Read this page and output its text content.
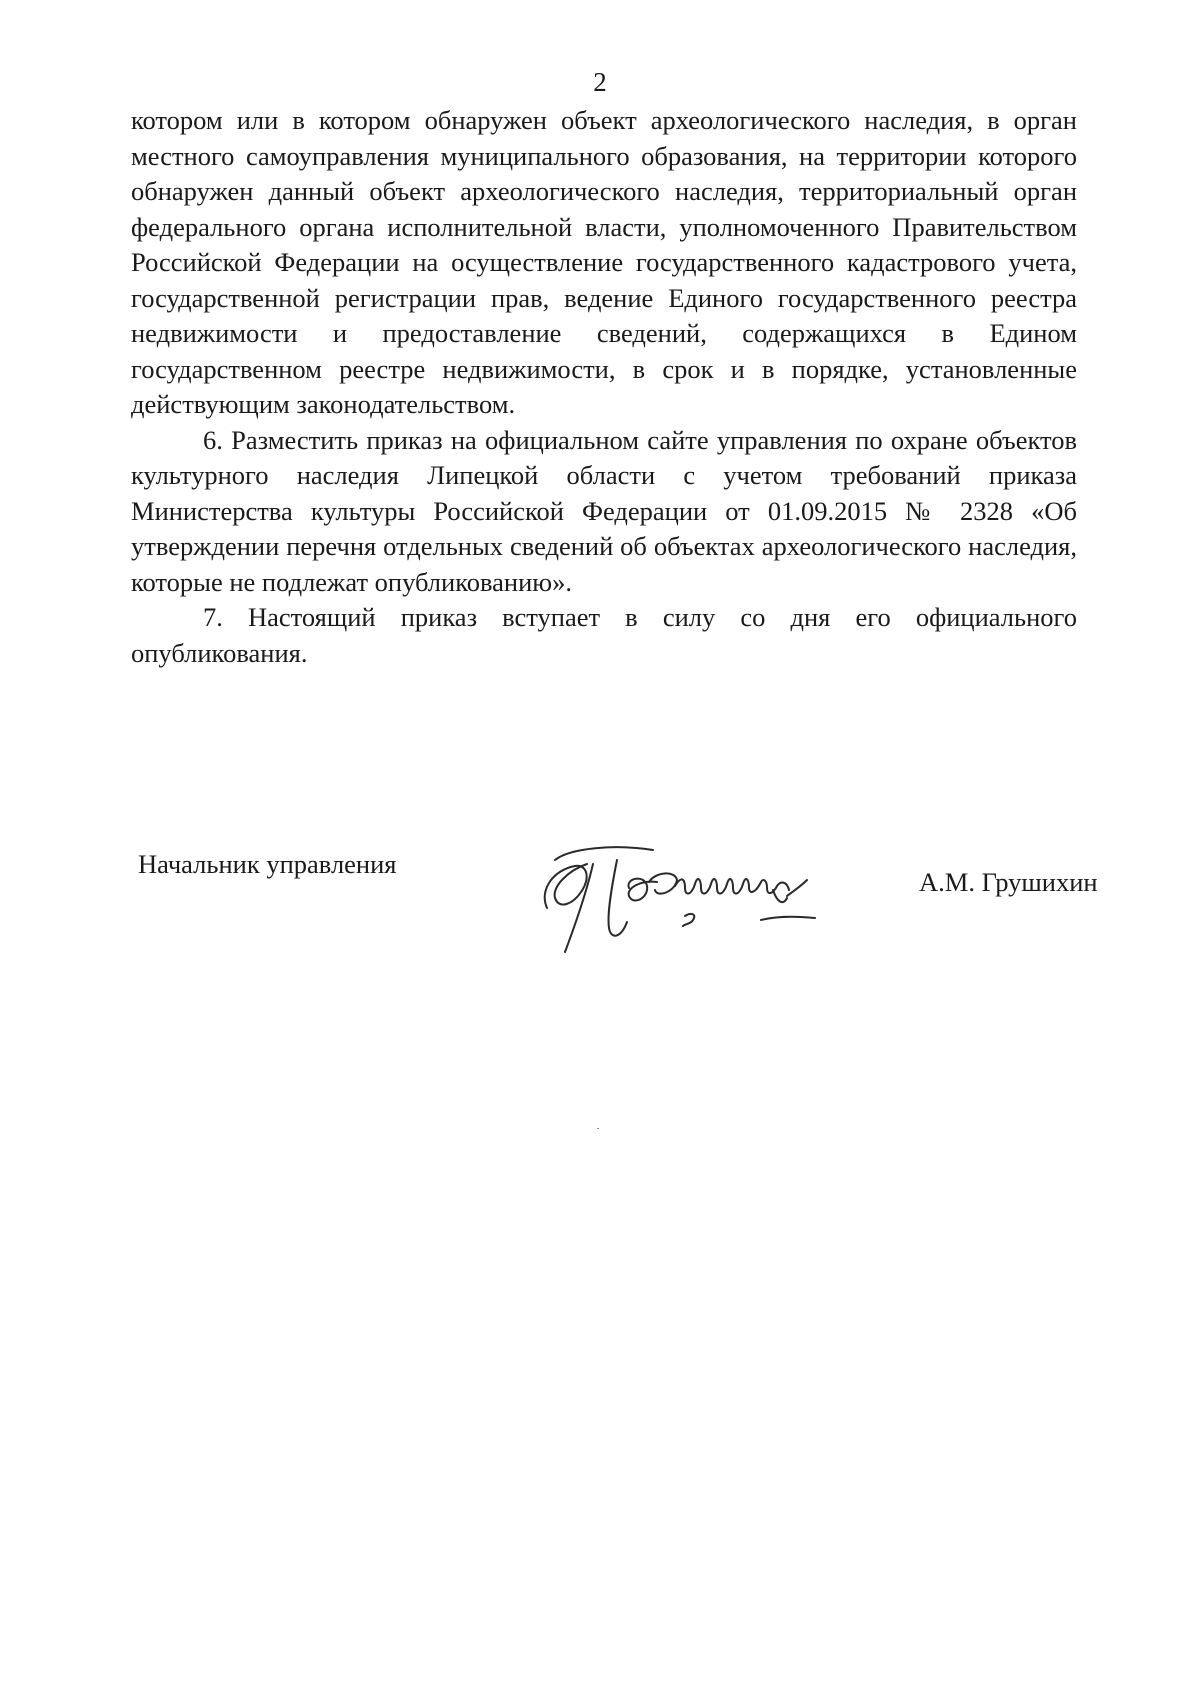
2

котором или в котором обнаружен объект археологического наследия, в орган местного самоуправления муниципального образования, на территории которого обнаружен данный объект археологического наследия, территориальный орган федерального органа исполнительной власти, уполномоченного Правительством Российской Федерации на осуществление государственного кадастрового учета, государственной регистрации прав, ведение Единого государственного реестра недвижимости и предоставление сведений, содержащихся в Едином государственном реестре недвижимости, в срок и в порядке, установленные действующим законодательством.

6. Разместить приказ на официальном сайте управления по охране объектов культурного наследия Липецкой области с учетом требований приказа Министерства культуры Российской Федерации от 01.09.2015 № 2328 «Об утверждении перечня отдельных сведений об объектах археологического наследия, которые не подлежат опубликованию».

7. Настоящий приказ вступает в силу со дня его официального опубликования.

Начальник управления
А.М. Грушихин
